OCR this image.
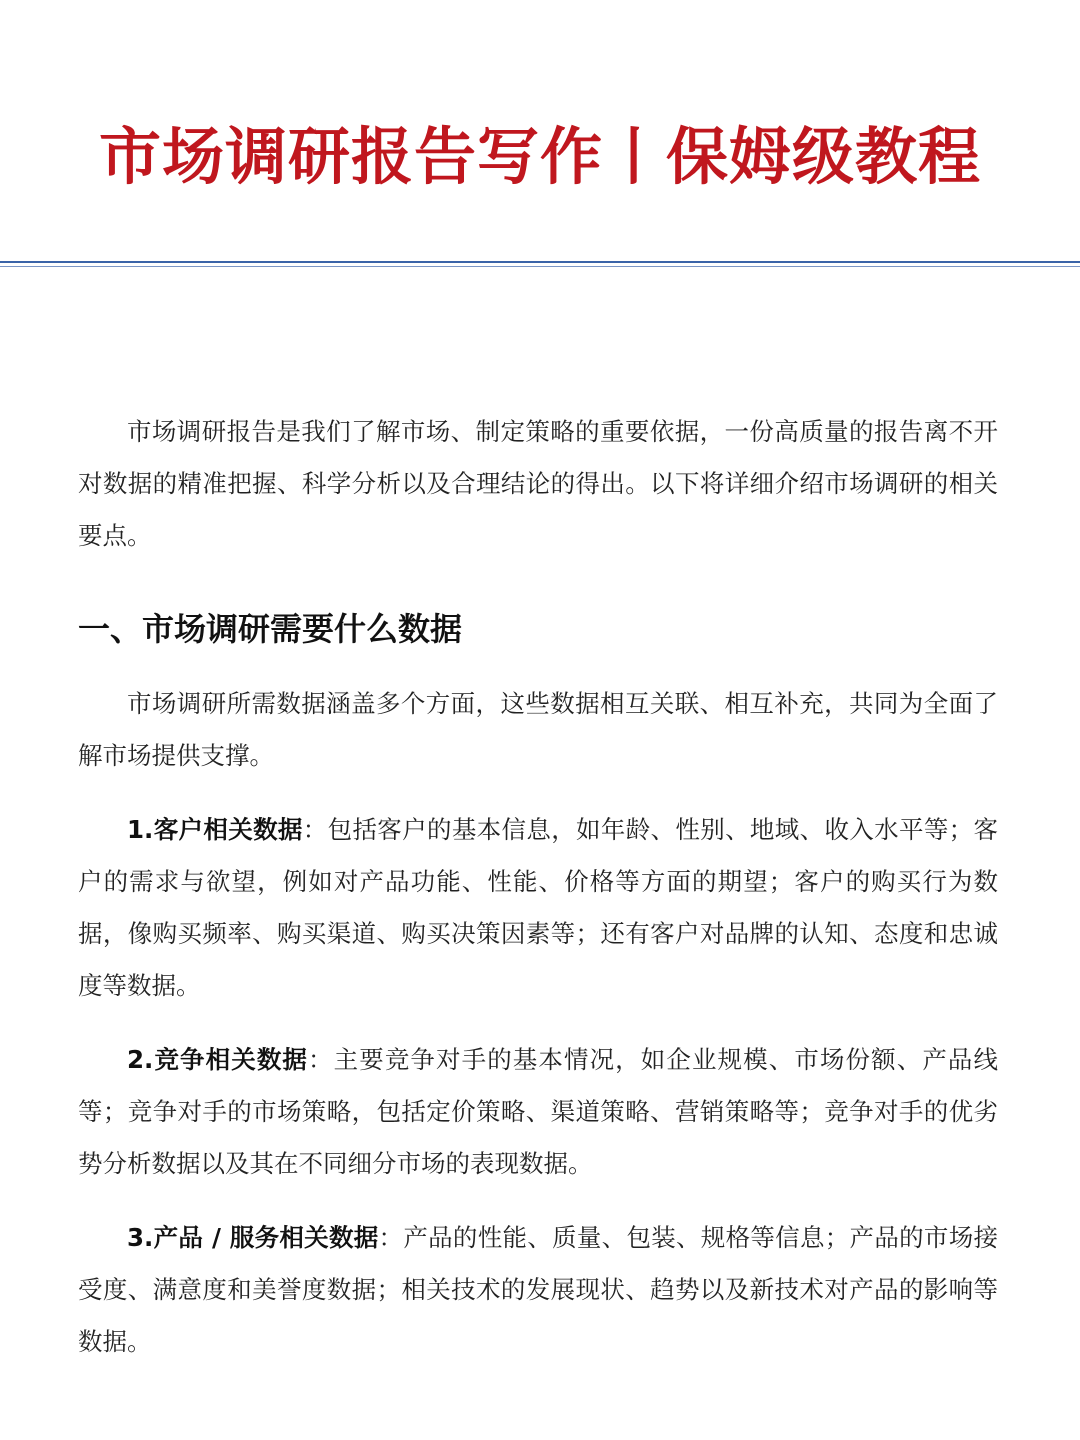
市场调研报告写作丨保姆级教程

市场调研报告是我们了解市场、制定策略的重要依据，一份高质量的报告离不开对数据的精准把握、科学分析以及合理结论的得出。以下将详细介绍市场调研的相关要点。

一、市场调研需要什么数据

市场调研所需数据涵盖多个方面，这些数据相互关联、相互补充，共同为全面了解市场提供支撑。

1.客户相关数据：包括客户的基本信息，如年龄、性别、地域、收入水平等；客户的需求与欲望，例如对产品功能、性能、价格等方面的期望；客户的购买行为数据，像购买频率、购买渠道、购买决策因素等；还有客户对品牌的认知、态度和忠诚度等数据。

2.竞争相关数据：主要竞争对手的基本情况，如企业规模、市场份额、产品线等；竞争对手的市场策略，包括定价策略、渠道策略、营销策略等；竞争对手的优劣势分析数据以及其在不同细分市场的表现数据。

3.产品 / 服务相关数据：产品的性能、质量、包装、规格等信息；产品的市场接受度、满意度和美誉度数据；相关技术的发展现状、趋势以及新技术对产品的影响等数据。
